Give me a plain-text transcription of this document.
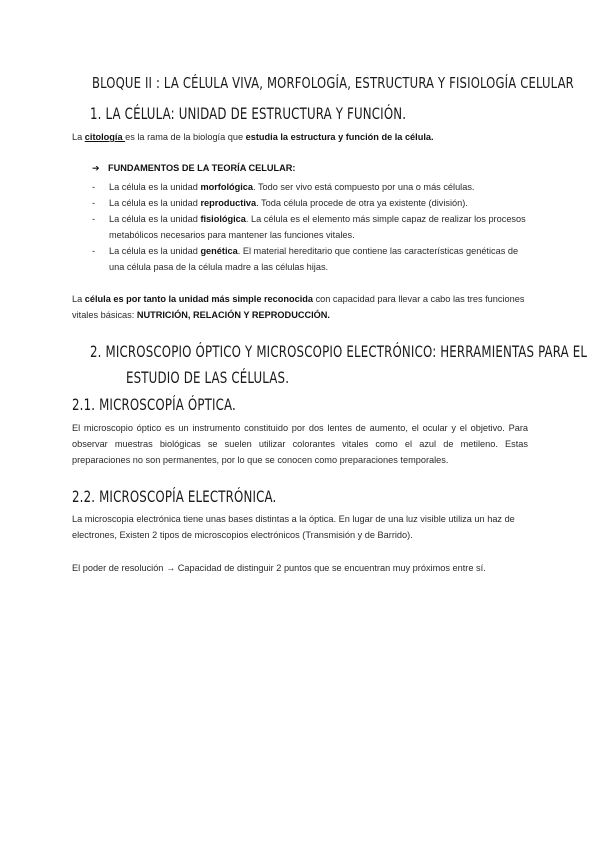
BLOQUE II : LA CÉLULA VIVA, MORFOLOGÍA, ESTRUCTURA Y FISIOLOGÍA CELULAR
1. LA CÉLULA: UNIDAD DE ESTRUCTURA Y FUNCIÓN.
La citología es la rama de la biología que estudia la estructura y función de la célula.
➔ FUNDAMENTOS DE LA TEORÍA CELULAR:
- La célula es la unidad morfológica. Todo ser vivo está compuesto por una o más células.
- La célula es la unidad reproductiva. Toda célula procede de otra ya existente (división).
- La célula es la unidad fisiológica. La célula es el elemento más simple capaz de realizar los procesos metabólicos necesarios para mantener las funciones vitales.
- La célula es la unidad genética. El material hereditario que contiene las características genéticas de una célula pasa de la célula madre a las células hijas.
La célula es por tanto la unidad más simple reconocida con capacidad para llevar a cabo las tres funciones vitales básicas: NUTRICIÓN, RELACIÓN Y REPRODUCCIÓN.
2. MICROSCOPIO ÓPTICO Y MICROSCOPIO ELECTRÓNICO: HERRAMIENTAS PARA EL
ESTUDIO DE LAS CÉLULAS.
2.1. MICROSCOPÍA ÓPTICA.
El microscopio óptico es un instrumento constituido por dos lentes de aumento, el ocular y el objetivo. Para observar muestras biológicas se suelen utilizar colorantes vitales como el azul de metileno. Estas preparaciones no son permanentes, por lo que se conocen como preparaciones temporales.
2.2. MICROSCOPÍA ELECTRÓNICA.
La microscopia electrónica tiene unas bases distintas a la óptica. En lugar de una luz visible utiliza un haz de electrones, Existen 2 tipos de microscopios electrónicos (Transmisión y de Barrido).
El poder de resolución → Capacidad de distinguir 2 puntos que se encuentran muy próximos entre sí.
